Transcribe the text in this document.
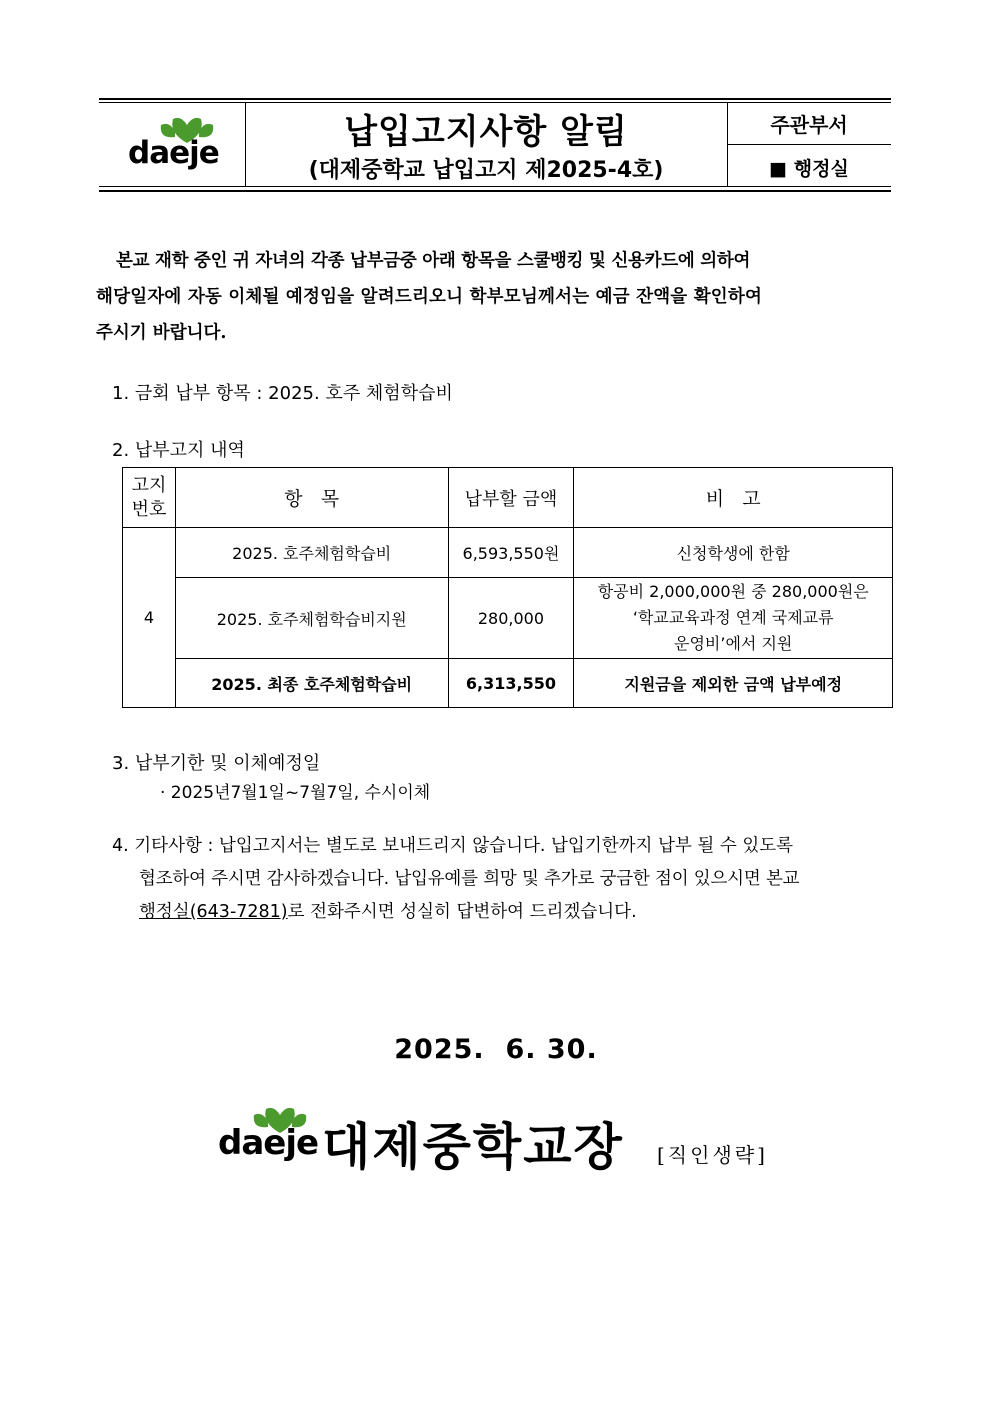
daeje
납입고지사항 알림
(대제중학교 납입고지 제2025-4호)
주관부서
■ 행정실
본교 재학 중인 귀 자녀의 각종 납부금중 아래 항목을 스쿨뱅킹 및 신용카드에 의하여
해당일자에 자동 이체될 예정임을 알려드리오니 학부모님께서는 예금 잔액을 확인하여
주시기 바랍니다.
1. 금회 납부 항목 : 2025. 호주 체험학습비
2. 납부고지 내역
고지
번호	항   목	납부할 금액	비   고
4	2025. 호주체험학습비	6,593,550원	신청학생에 한함
	2025. 호주체험학습비지원	280,000	항공비 2,000,000원 중 280,000원은
‘학교교육과정 연계 국제교류
운영비’에서 지원
	2025. 최종 호주체험학습비	6,313,550	지원금을 제외한 금액 납부예정
3. 납부기한 및 이체예정일
· 2025년7월1일~7월7일, 수시이체

4. 기타사항 : 납입고지서는 별도로 보내드리지 않습니다. 납입기한까지 납부 될 수 있도록

협조하여 주시면 감사하겠습니다. 납입유예를 희망 및 추가로 궁금한 점이 있으시면 본교

행정실(643-7281)로 전화주시면 성실히 답변하여 드리겠습니다.

2025.  6. 30.
daeje 대제중학교장 [직인생략]
